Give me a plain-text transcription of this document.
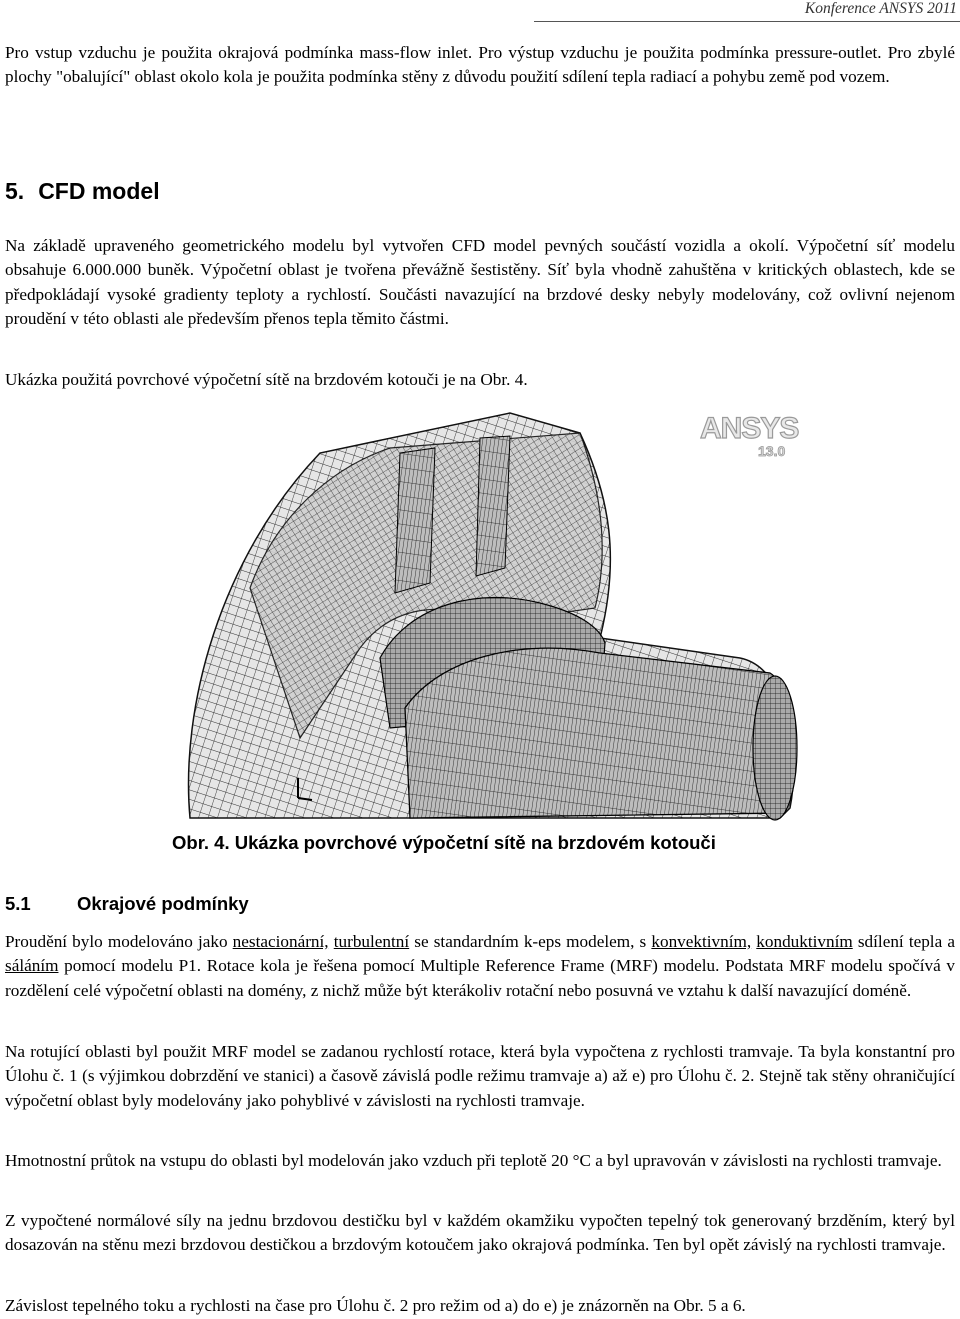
Konference ANSYS 2011

Pro vstup vzduchu je použita okrajová podmínka mass-flow inlet. Pro výstup vzduchu je použita podmínka pressure-outlet. Pro zbylé plochy "obalující" oblast okolo kola je použita podmínka stěny z důvodu použití sdílení tepla radiací a pohybu země pod vozem.

5. CFD model

Na základě upraveného geometrického modelu byl vytvořen CFD model pevných součástí vozidla a okolí. Výpočetní síť modelu obsahuje 6.000.000 buněk. Výpočetní oblast je tvořena převážně šestistěny. Síť byla vhodně zahuštěna v kritických oblastech, kde se předpokládají vysoké gradienty teploty a rychlostí. Součásti navazující na brzdové desky nebyly modelovány, což ovlivní nejenom proudění v této oblasti ale především přenos tepla těmito částmi.

Ukázka použitá povrchové výpočetní sítě na brzdovém kotouči je na Obr. 4.

ANSYS
13.0
Obr. 4. Ukázka povrchové výpočetní sítě na brzdovém kotouči
5.1	Okrajové podmínky

Proudění bylo modelováno jako nestacionární, turbulentní se standardním k-eps modelem, s konvektivním, konduktivním sdílení tepla a sáláním pomocí modelu P1. Rotace kola je řešena pomocí Multiple Reference Frame (MRF) modelu. Podstata MRF modelu spočívá v rozdělení celé výpočetní oblasti na domény, z nichž může být kterákoliv rotační nebo posuvná ve vztahu k další navazující doméně.

Na rotující oblasti byl použit MRF model se zadanou rychlostí rotace, která byla vypočtena z rychlosti tramvaje. Ta byla konstantní pro Úlohu č. 1 (s výjimkou dobrzdění ve stanici) a časově závislá podle režimu tramvaje a) až e) pro Úlohu č. 2. Stejně tak stěny ohraničující výpočetní oblast byly modelovány jako pohyblivé v závislosti na rychlosti tramvaje.

Hmotnostní průtok na vstupu do oblasti byl modelován jako vzduch při teplotě 20 °C a byl upravován v závislosti na rychlosti tramvaje.

Z vypočtené normálové síly na jednu brzdovou destičku byl v každém okamžiku vypočten tepelný tok generovaný brzděním, který byl dosazován na stěnu mezi brzdovou destičkou a brzdovým kotoučem jako okrajová podmínka. Ten byl opět závislý na rychlosti tramvaje.

Závislost tepelného toku a rychlosti na čase pro Úlohu č. 2 pro režim od a) do e) je znázorněn na Obr. 5 a 6.
